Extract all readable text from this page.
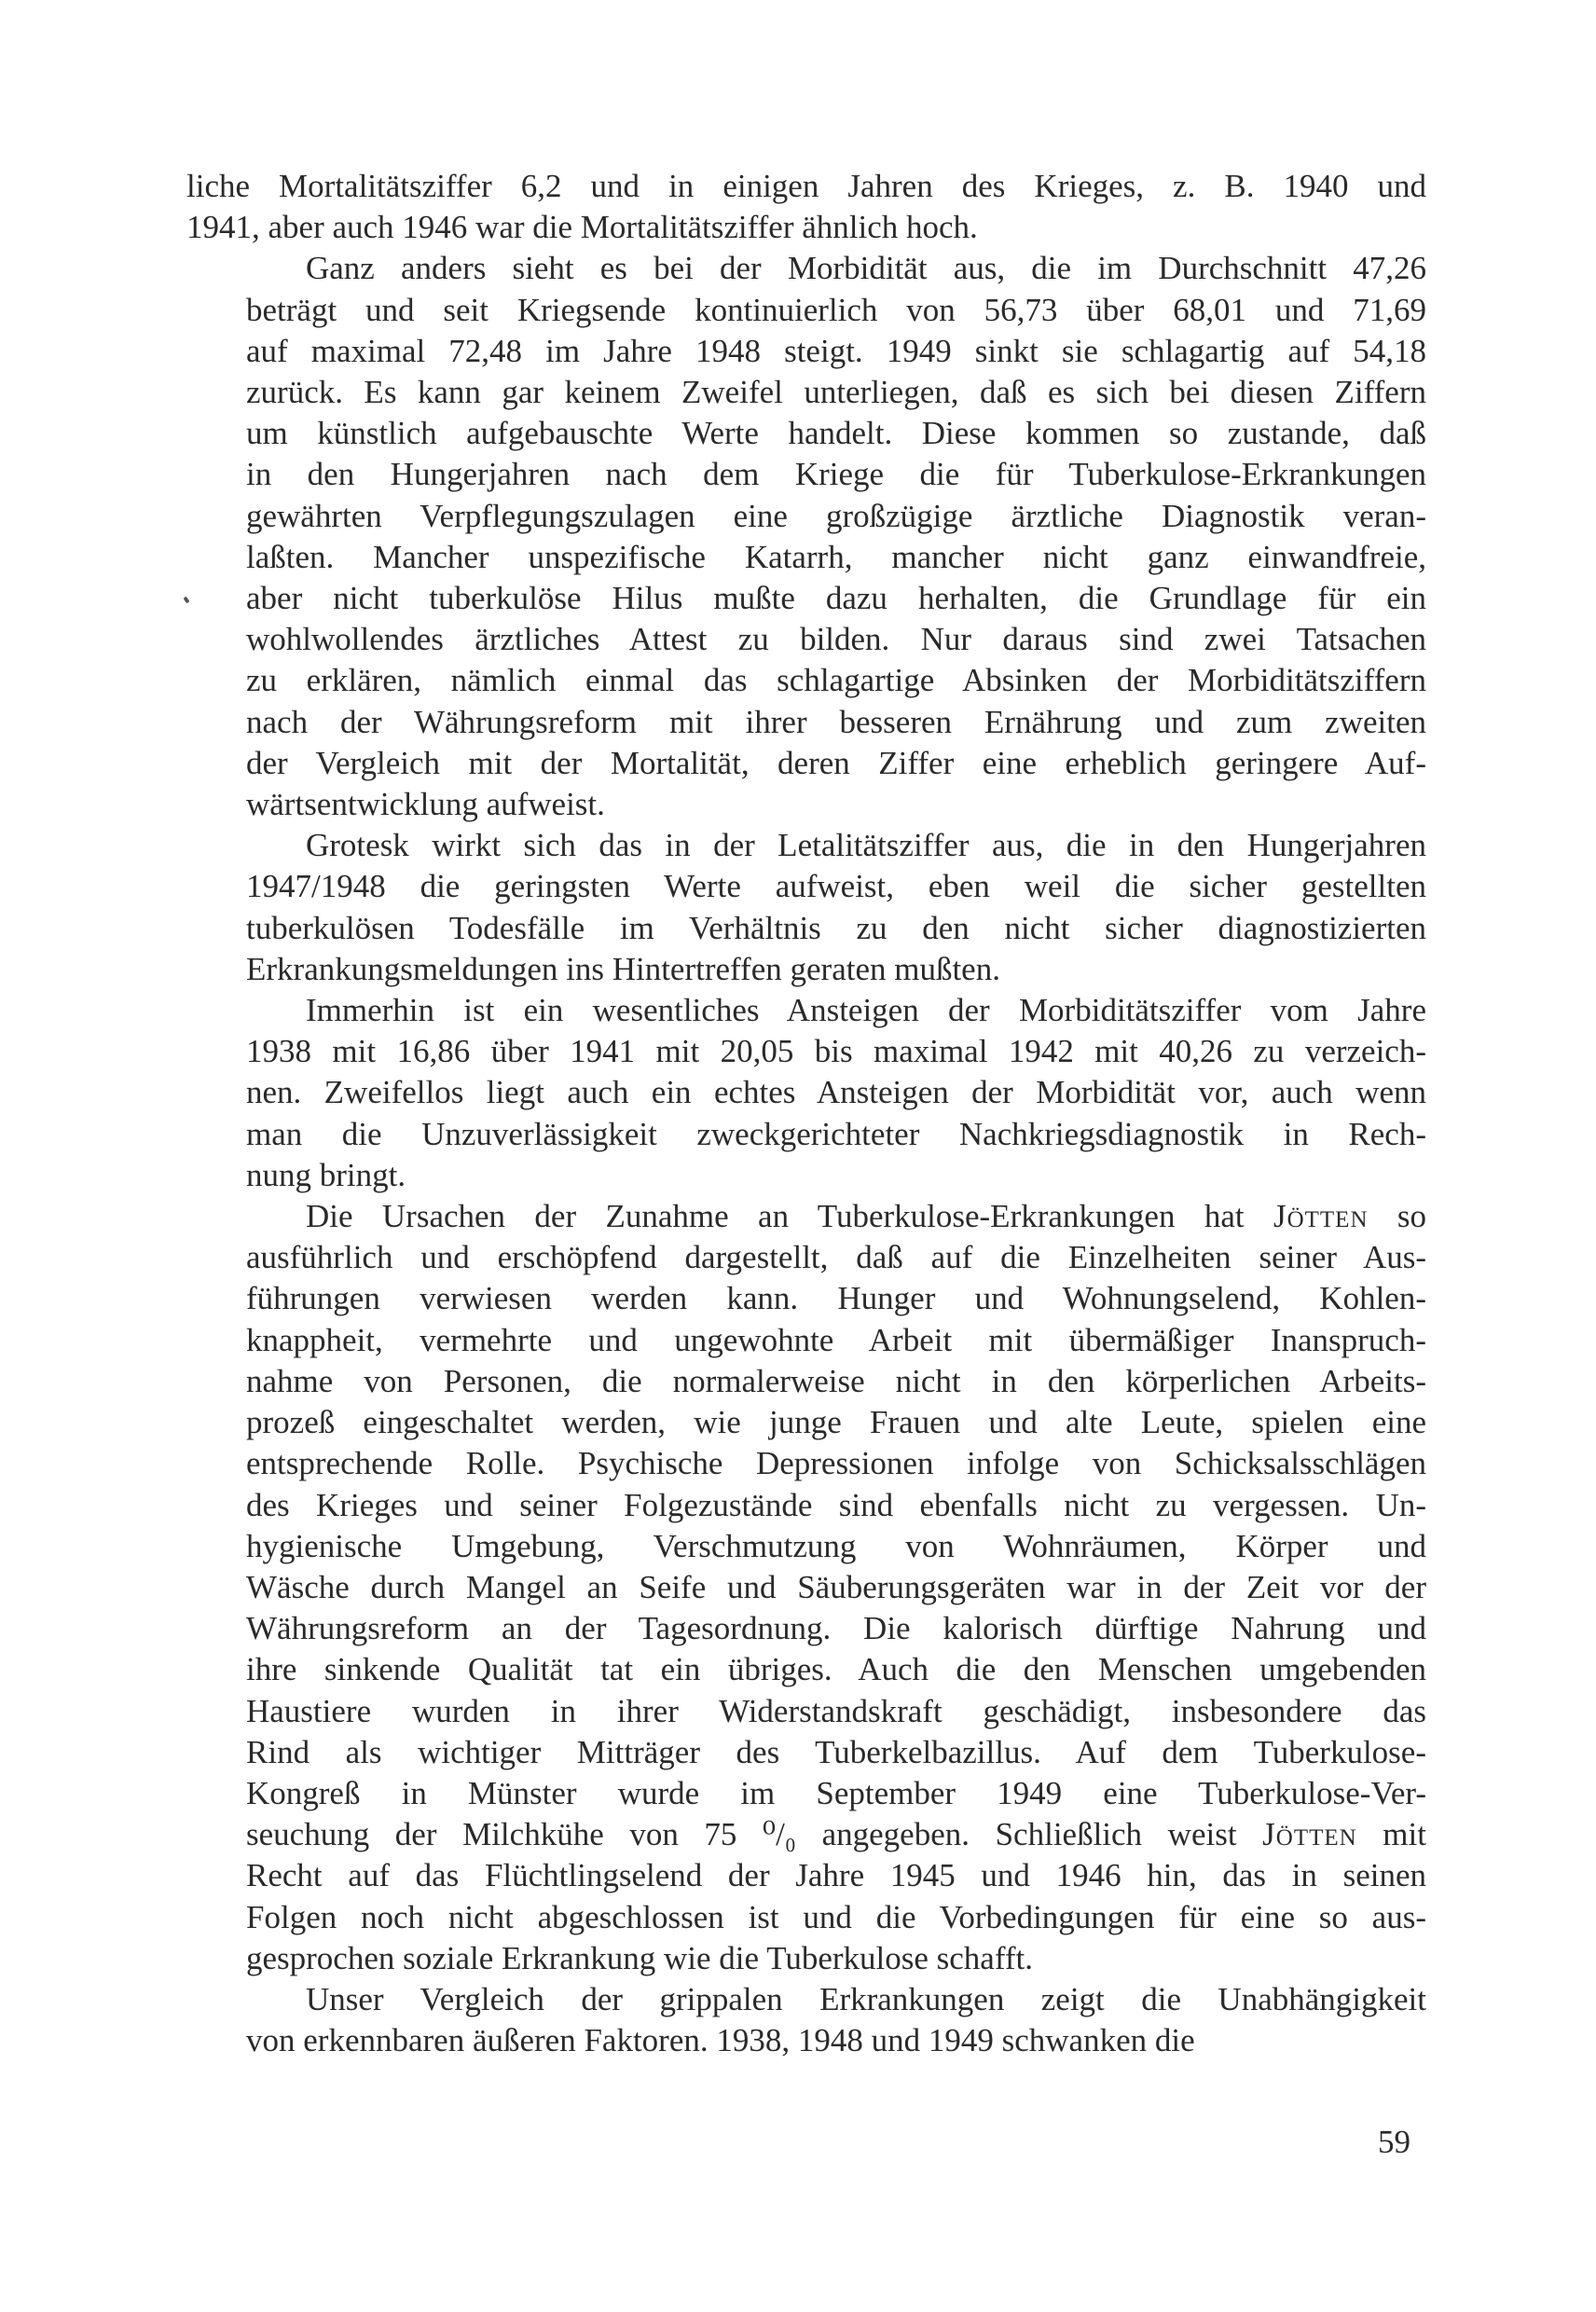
liche Mortalitätsziffer 6,2 und in einigen Jahren des Krieges, z. B. 1940 und
1941, aber auch 1946 war die Mortalitätsziffer ähnlich hoch.
Ganz anders sieht es bei der Morbidität aus, die im Durchschnitt 47,26
beträgt und seit Kriegsende kontinuierlich von 56,73 über 68,01 und 71,69
auf maximal 72,48 im Jahre 1948 steigt. 1949 sinkt sie schlagartig auf 54,18
zurück. Es kann gar keinem Zweifel unterliegen, daß es sich bei diesen Ziffern
um künstlich aufgebauschte Werte handelt. Diese kommen so zustande, daß
in den Hungerjahren nach dem Kriege die für Tuberkulose-Erkrankungen
gewährten Verpflegungszulagen eine großzügige ärztliche Diagnostik veran-
laßten. Mancher unspezifische Katarrh, mancher nicht ganz einwandfreie,
aber nicht tuberkulöse Hilus mußte dazu herhalten, die Grundlage für ein
wohlwollendes ärztliches Attest zu bilden. Nur daraus sind zwei Tatsachen
zu erklären, nämlich einmal das schlagartige Absinken der Morbiditätsziffern
nach der Währungsreform mit ihrer besseren Ernährung und zum zweiten
der Vergleich mit der Mortalität, deren Ziffer eine erheblich geringere Auf-
wärtsentwicklung aufweist.
Grotesk wirkt sich das in der Letalitätsziffer aus, die in den Hungerjahren
1947/1948 die geringsten Werte aufweist, eben weil die sicher gestellten
tuberkulösen Todesfälle im Verhältnis zu den nicht sicher diagnostizierten
Erkrankungsmeldungen ins Hintertreffen geraten mußten.
Immerhin ist ein wesentliches Ansteigen der Morbiditätsziffer vom Jahre
1938 mit 16,86 über 1941 mit 20,05 bis maximal 1942 mit 40,26 zu verzeich-
nen. Zweifellos liegt auch ein echtes Ansteigen der Morbidität vor, auch wenn
man die Unzuverlässigkeit zweckgerichteter Nachkriegsdiagnostik in Rech-
nung bringt.
Die Ursachen der Zunahme an Tuberkulose-Erkrankungen hat Jötten so
ausführlich und erschöpfend dargestellt, daß auf die Einzelheiten seiner Aus-
führungen verwiesen werden kann. Hunger und Wohnungselend, Kohlen-
knappheit, vermehrte und ungewohnte Arbeit mit übermäßiger Inanspruch-
nahme von Personen, die normalerweise nicht in den körperlichen Arbeits-
prozeß eingeschaltet werden, wie junge Frauen und alte Leute, spielen eine
entsprechende Rolle. Psychische Depressionen infolge von Schicksalsschlägen
des Krieges und seiner Folgezustände sind ebenfalls nicht zu vergessen. Un-
hygienische Umgebung, Verschmutzung von Wohnräumen, Körper und
Wäsche durch Mangel an Seife und Säuberungsgeräten war in der Zeit vor der
Währungsreform an der Tagesordnung. Die kalorisch dürftige Nahrung und
ihre sinkende Qualität tat ein übriges. Auch die den Menschen umgebenden
Haustiere wurden in ihrer Widerstandskraft geschädigt, insbesondere das
Rind als wichtiger Mitträger des Tuberkelbazillus. Auf dem Tuberkulose-
Kongreß in Münster wurde im September 1949 eine Tuberkulose-Ver-
seuchung der Milchkühe von 75 ⁰/₀ angegeben. Schließlich weist Jötten mit
Recht auf das Flüchtlingselend der Jahre 1945 und 1946 hin, das in seinen
Folgen noch nicht abgeschlossen ist und die Vorbedingungen für eine so aus-
gesprochen soziale Erkrankung wie die Tuberkulose schafft.
Unser Vergleich der grippalen Erkrankungen zeigt die Unabhängigkeit
von erkennbaren äußeren Faktoren. 1938, 1948 und 1949 schwanken die
59
